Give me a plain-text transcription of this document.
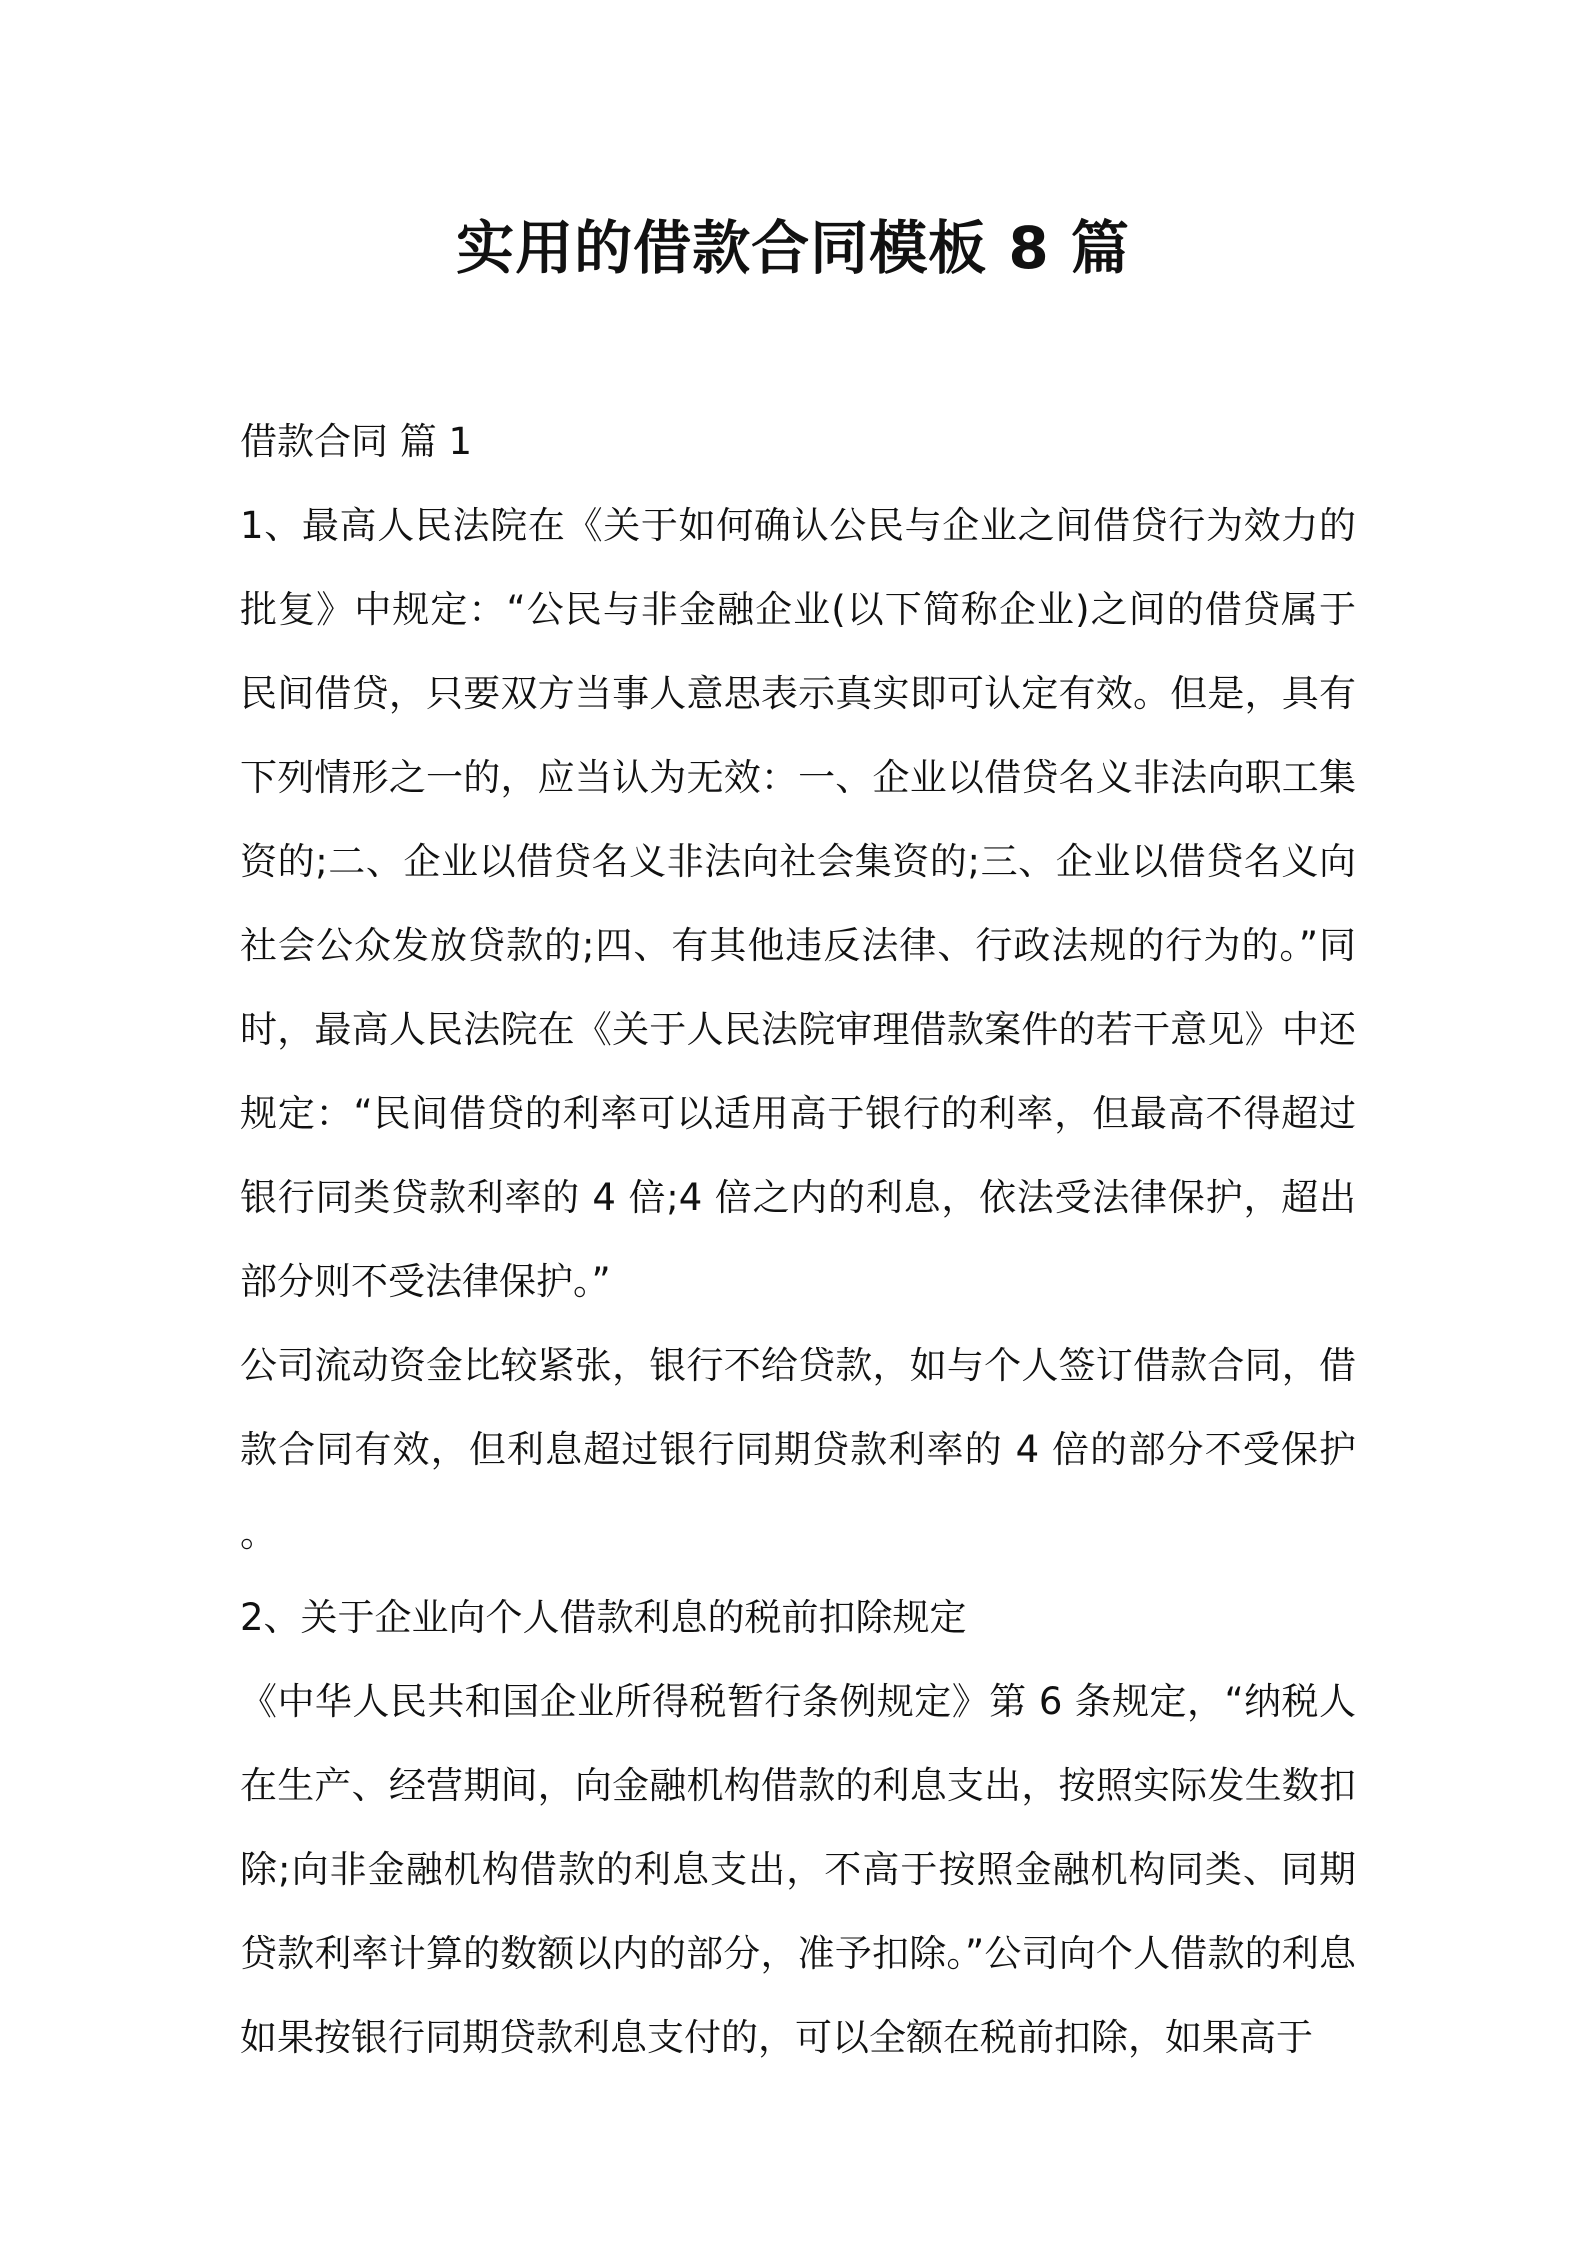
实用的借款合同模板 8 篇

借款合同 篇 1

1、最高人民法院在《关于如何确认公民与企业之间借贷行为效力的批复》中规定：“公民与非金融企业(以下简称企业)之间的借贷属于民间借贷，只要双方当事人意思表示真实即可认定有效。但是，具有下列情形之一的，应当认为无效：一、企业以借贷名义非法向职工集资的;二、企业以借贷名义非法向社会集资的;三、企业以借贷名义向社会公众发放贷款的;四、有其他违反法律、行政法规的行为的。”同时，最高人民法院在《关于人民法院审理借款案件的若干意见》中还规定：“民间借贷的利率可以适用高于银行的利率，但最高不得超过银行同类贷款利率的 4 倍;4 倍之内的利息，依法受法律保护，超出部分则不受法律保护。”

公司流动资金比较紧张，银行不给贷款，如与个人签订借款合同，借款合同有效，但利息超过银行同期贷款利率的 4 倍的部分不受保护。

2、关于企业向个人借款利息的税前扣除规定

《中华人民共和国企业所得税暂行条例规定》第 6 条规定，“纳税人在生产、经营期间，向金融机构借款的利息支出，按照实际发生数扣除;向非金融机构借款的利息支出，不高于按照金融机构同类、同期贷款利率计算的数额以内的部分，准予扣除。”公司向个人借款的利息如果按银行同期贷款利息支付的，可以全额在税前扣除，如果高于
